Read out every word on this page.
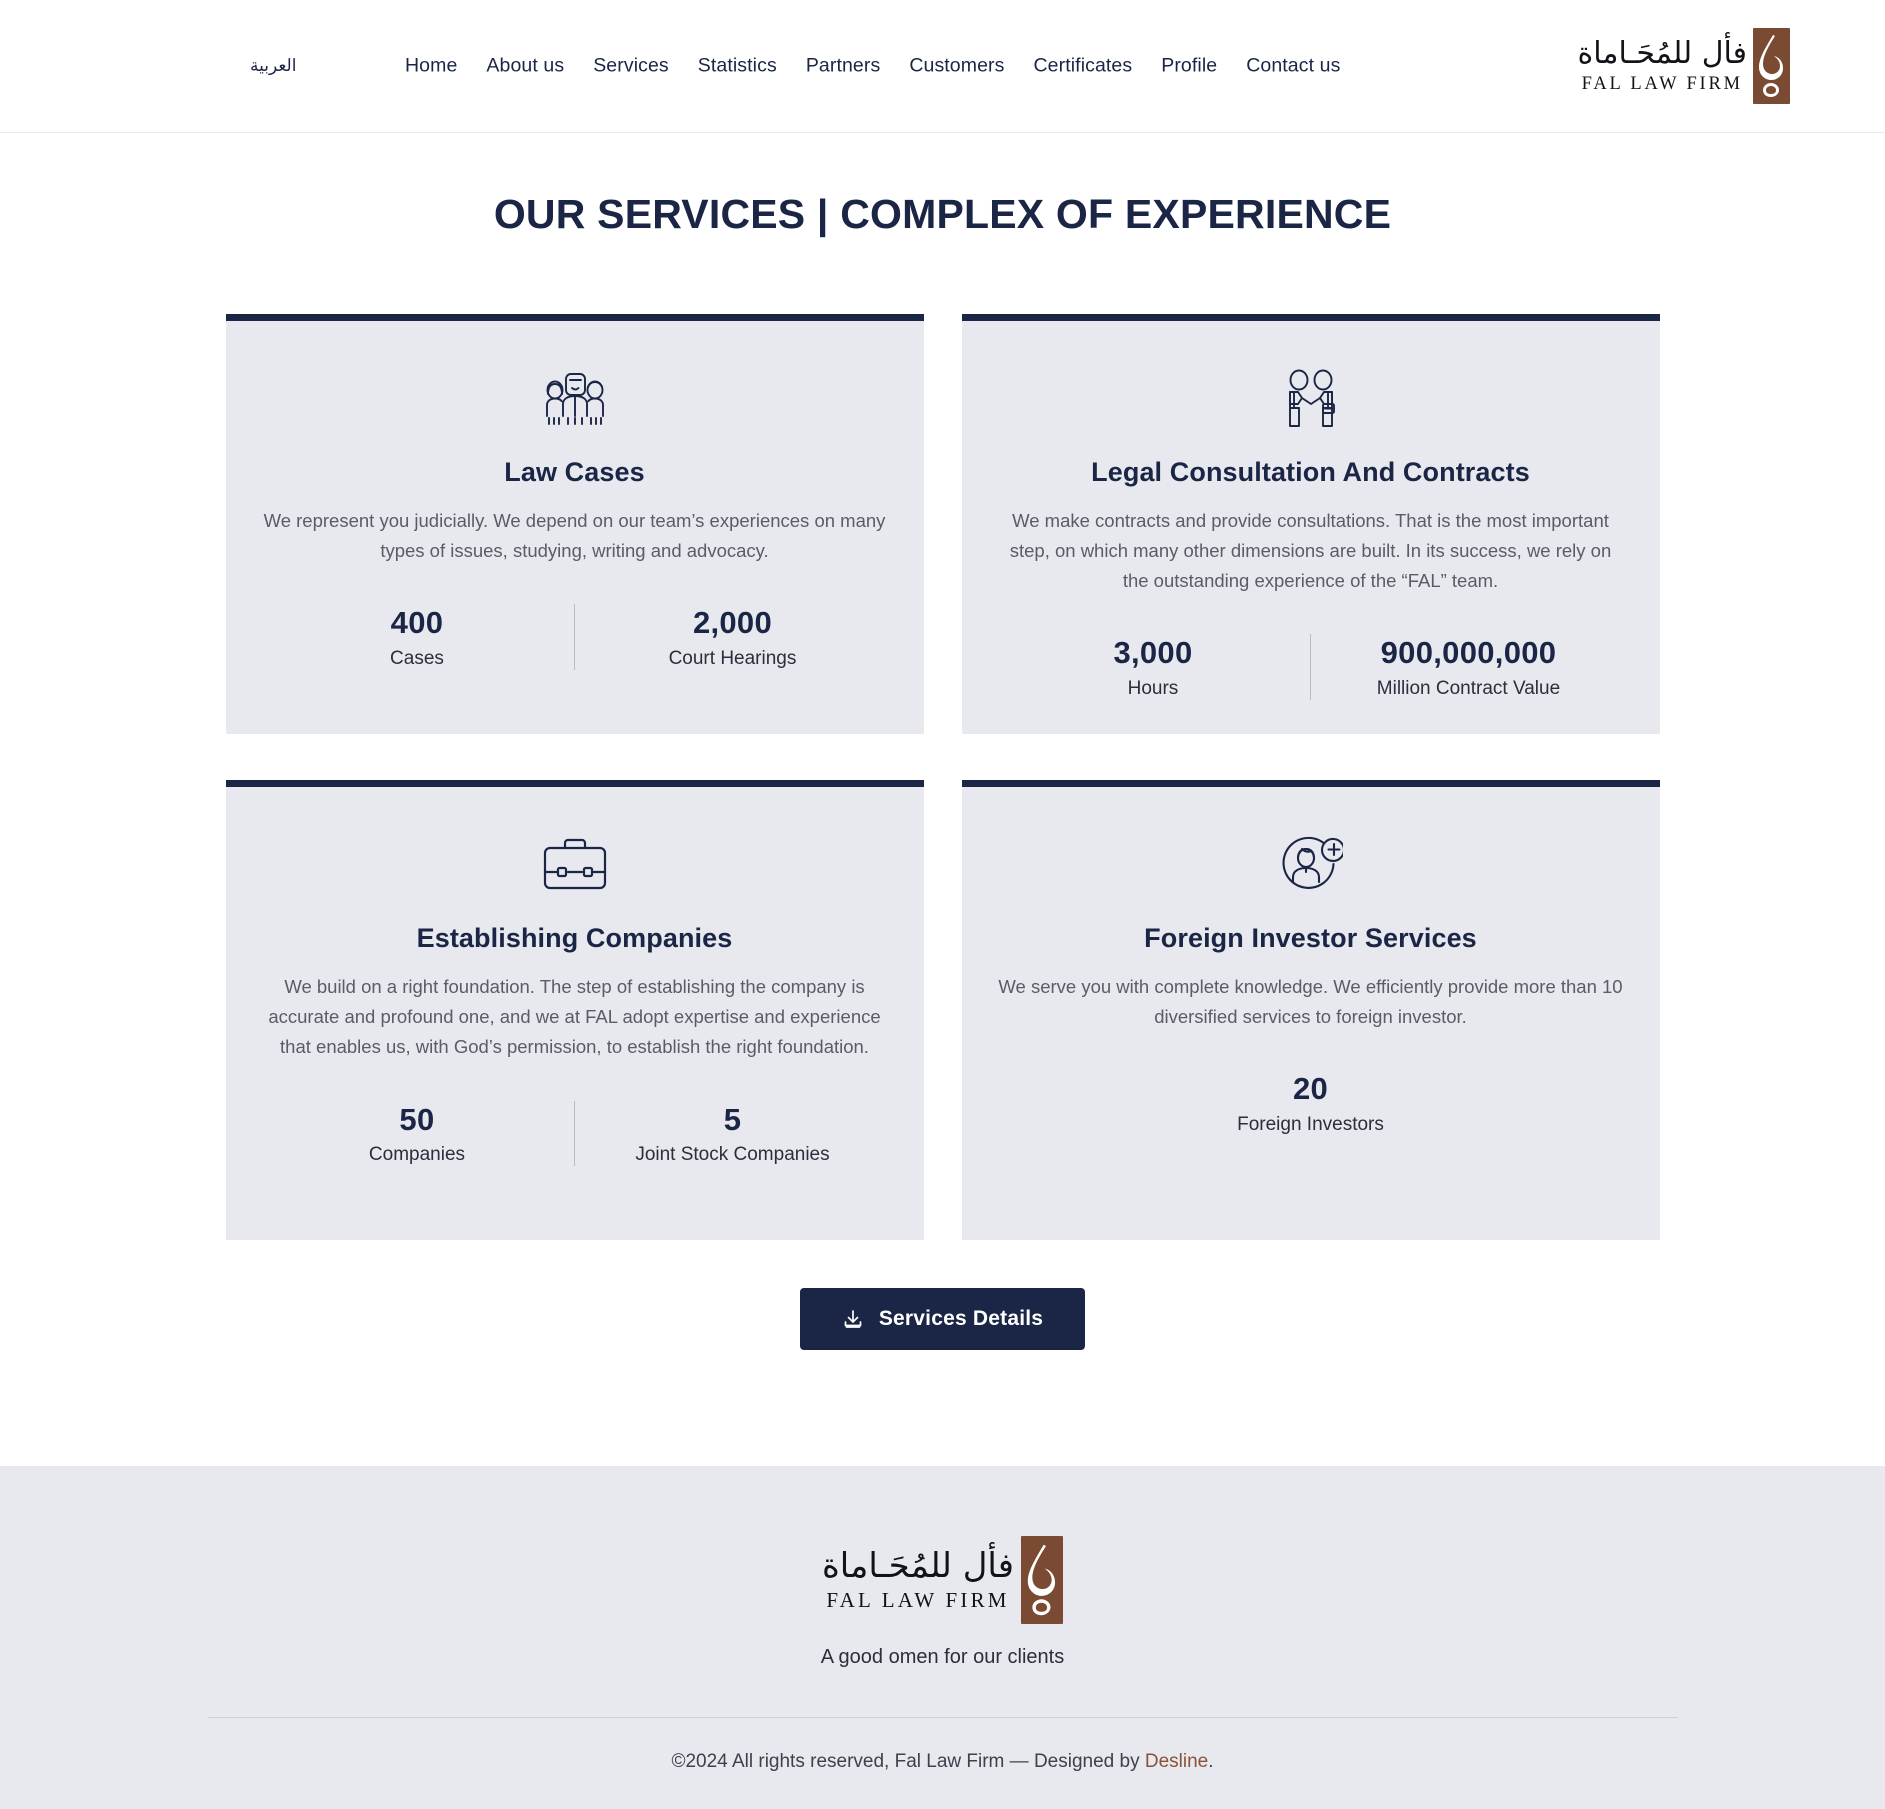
العربية	Home About us Services Statistics Partners Customers Certificates Profile Contact us	فأل للمُحَـاماة
FAL LAW FIRM
OUR SERVICES | COMPLEX OF EXPERIENCE
Law Cases

We represent you judicially. We depend on our team’s experiences on many types of issues, studying, writing and advocacy.

400
Cases
2,000
Court Hearings
Legal Consultation And Contracts

We make contracts and provide consultations. That is the most important step, on which many other dimensions are built. In its success, we rely on the outstanding experience of the “FAL” team.

3,000
Hours
900,000,000
Million Contract Value
Establishing Companies

We build on a right foundation. The step of establishing the company is accurate and profound one, and we at FAL adopt expertise and experience that enables us, with God’s permission, to establish the right foundation.

50
Companies
5
Joint Stock Companies
Foreign Investor Services

We serve you with complete knowledge. We efficiently provide more than 10 diversified services to foreign investor.

20
Foreign Investors
Services Details
فأل للمُحَـاماة
FAL LAW FIRM

A good omen for our clients

©2024 All rights reserved, Fal Law Firm — Designed by Desline.
